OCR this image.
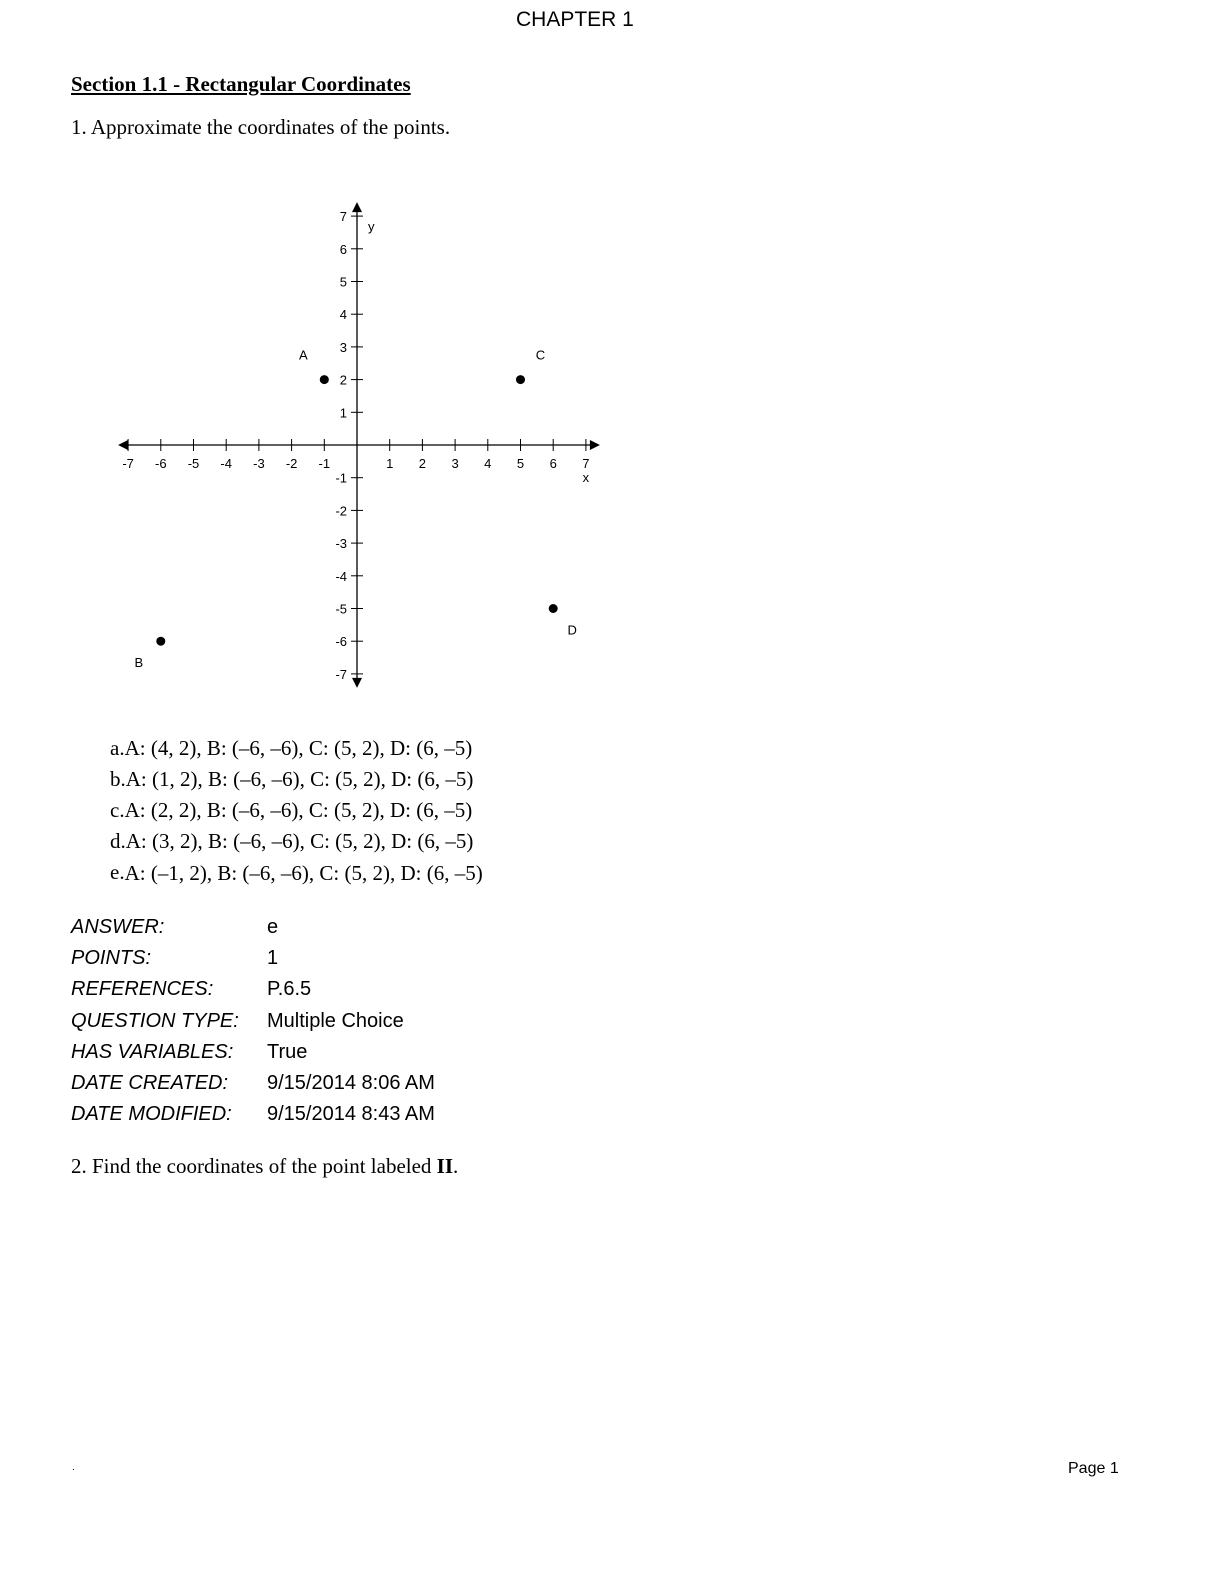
CHAPTER 1
Section 1.1 - Rectangular Coordinates
1. Approximate the coordinates of the points.
-7 -6 -5 -4 -3 -2 -1	1 2 3 4 5 6 7
-7
-6
-5
-4
-3
-2
-1
1
2
3
4
5
6
7
x
y
A
B
C
D
a. A: (4, 2), B: (–6, –6), C: (5, 2), D: (6, –5)
b. A: (1, 2), B: (–6, –6), C: (5, 2), D: (6, –5)
c. A: (2, 2), B: (–6, –6), C: (5, 2), D: (6, –5)
d. A: (3, 2), B: (–6, –6), C: (5, 2), D: (6, –5)
e. A: (–1, 2), B: (–6, –6), C: (5, 2), D: (6, –5)
ANSWER:	e
POINTS:	1
REFERENCES:	P.6.5
QUESTION TYPE:	Multiple Choice
HAS VARIABLES:	True
DATE CREATED:	9/15/2014 8:06 AM
DATE MODIFIED:	9/15/2014 8:43 AM
2. Find the coordinates of the point labeled II.
.	Page 1
